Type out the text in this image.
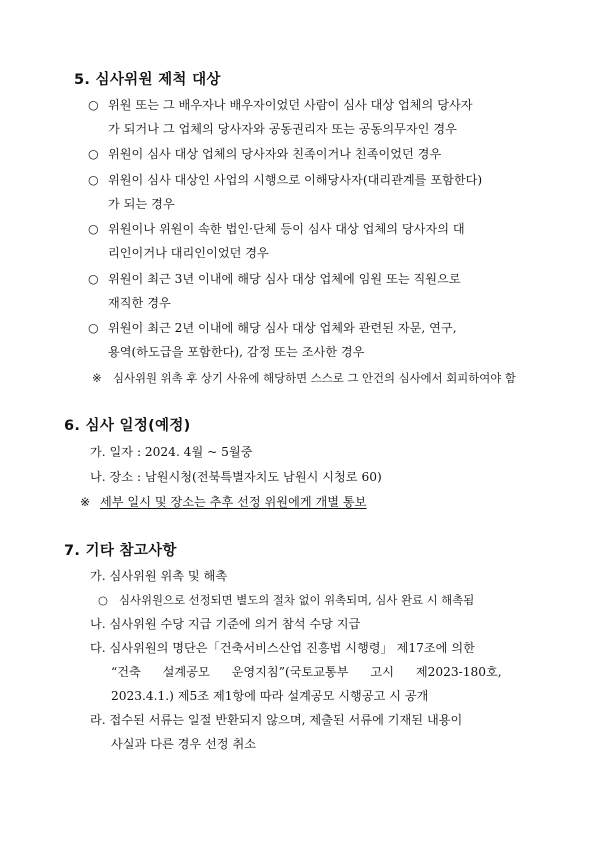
5. 심사위원 제척 대상
○ 위원 또는 그 배우자나 배우자이었던 사람이 심사 대상 업체의 당사자
가 되거나 그 업체의 당사자와 공동권리자 또는 공동의무자인 경우
○ 위원이 심사 대상 업체의 당사자와 친족이거나 친족이었던 경우
○ 위원이 심사 대상인 사업의 시행으로 이해당사자(대리관계를 포함한다)
가 되는 경우
○ 위원이나 위원이 속한 법인·단체 등이 심사 대상 업체의 당사자의 대
리인이거나 대리인이었던 경우
○ 위원이 최근 3년 이내에 해당 심사 대상 업체에 임원 또는 직원으로
재직한 경우
○ 위원이 최근 2년 이내에 해당 심사 대상 업체와 관련된 자문, 연구,
용역(하도급을 포함한다), 감정 또는 조사한 경우
※ 심사위원 위촉 후 상기 사유에 해당하면 스스로 그 안건의 심사에서 회피하여야 함
6. 심사 일정(예정)
가. 일자 : 2024. 4월 ~ 5월중
나. 장소 : 남원시청(전북특별자치도 남원시 시청로 60)
※ 세부 일시 및 장소는 추후 선정 위원에게 개별 통보
7. 기타 참고사항
가. 심사위원 위촉 및 해촉
○ 심사위원으로 선정되면 별도의 절차 없이 위촉되며, 심사 완료 시 해촉됨
나. 심사위원 수당 지급 기준에 의거 참석 수당 지급
다. 심사위원의 명단은「건축서비스산업 진흥법 시행령」 제17조에 의한
“건축 설계공모 운영지침”(국토교통부 고시 제2023-180호,
2023.4.1.) 제5조 제1항에 따라 설계공모 시행공고 시 공개
라. 접수된 서류는 일절 반환되지 않으며, 제출된 서류에 기재된 내용이
사실과 다른 경우 선정 취소
